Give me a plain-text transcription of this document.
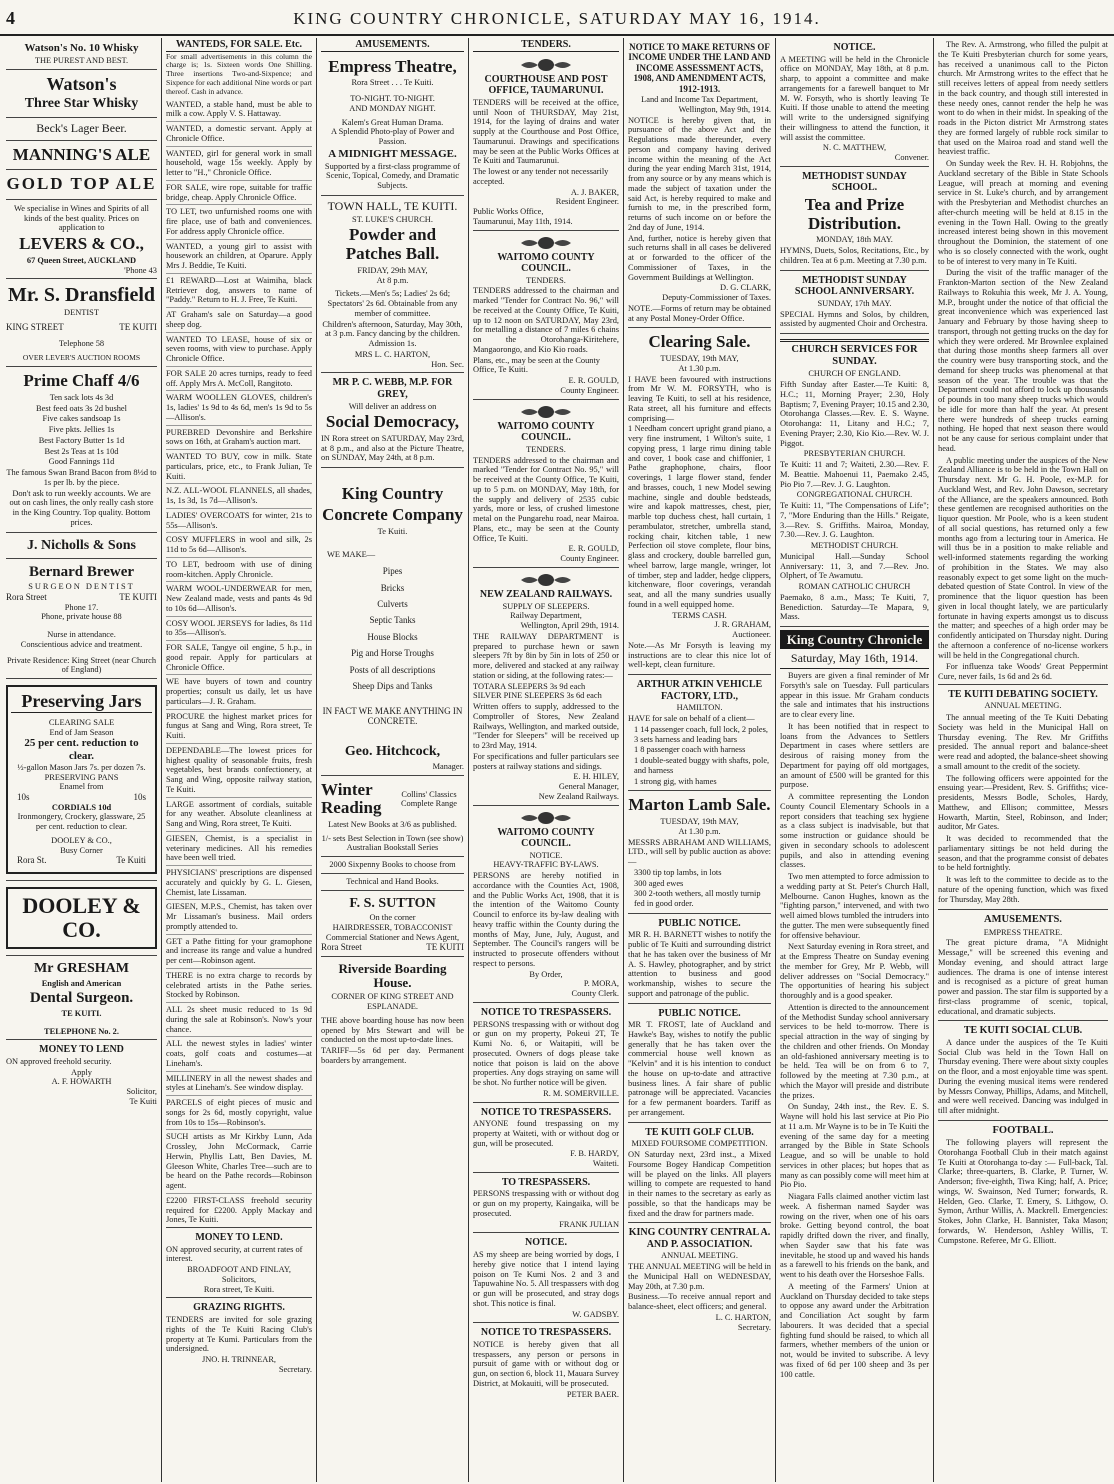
4	KING COUNTRY CHRONICLE, SATURDAY MAY 16, 1914.
Watson's No. 10 Whisky
THE PUREST AND BEST.
Watson's
Three Star Whisky
Beck's Lager Beer.
MANNING'S ALE
GOLD TOP ALE

We specialise in Wines and Spirits of all kinds of the best quality. Prices on application to

LEVERS & CO.,
67 Queen Street, AUCKLAND
'Phone 43
Mr. S. Dransfield
DENTIST
KING STREET	TE KUITI
Telephone 58
OVER LEVER'S AUCTION ROOMS
Prime Chaff 4/6

Ten sack lots 4s 3d

Best feed oats 3s 2d bushel

Five cakes sandsoap 1s

Five pkts. Jellies 1s

Best Factory Butter 1s 1d

Best 2s Teas at 1s 10d

Good Fannings 11d

The famous Swan Brand Bacon from 8½d to 1s per lb. by the piece.

Don't ask to run weekly accounts. We are out on cash lines, the only really cash store in the King Country. Top quality. Bottom prices.

J. Nicholls & Sons
Bernard Brewer
SURGEON DENTIST
Rora Street	TE KUITI
Phone 17.
Phone, private house 88
Nurse in attendance.
Conscientious advice and treatment.
Private Residence: King Street (near Church of England)
Preserving Jars
CLEARING SALE
End of Jam Season
25 per cent. reduction to clear.
½-gallon Mason Jars 7s. per dozen 7s.
PRESERVING PANS
Enamel from
10s	10s
CORDIALS 10d
Ironmongery, Crockery, glassware, 25 per cent. reduction to clear.
DOOLEY & CO.,
Busy Corner
Rora St.	Te Kuiti
DOOLEY & CO.
Mr GRESHAM
English and American
Dental Surgeon.
TE KUITI.
TELEPHONE No. 2.
MONEY TO LEND

ON approved freehold security.

Apply
A. F. HOWARTH
Solicitor,
Te Kuiti
WANTEDS, FOR SALE. Etc.

For small advertisements in this column the charge is; 1s. Sixteen words One Shilling. Three insertions Two-and-Sixpence; and Sixpence for each additional Nine words or part thereof. Cash in advance.

WANTED, a stable hand, must be able to milk a cow. Apply V. S. Hattaway.

WANTED, a domestic servant. Apply at Chronicle Office.

WANTED, girl for general work in small household, wage 15s weekly. Apply by letter to "H.," Chronicle Office.

FOR SALE, wire rope, suitable for traffic bridge, cheap. Apply Chronicle Office.

TO LET, two unfurnished rooms one with fire place, use of bath and conveniences. For address apply Chronicle office.

WANTED, a young girl to assist with housework an children, at Oparure. Apply Mrs J. Beddie, Te Kuiti.

£1 REWARD—Lost at Waimiha, black Retriever dog, answers to name of "Paddy." Return to H. J. Free, Te Kuiti.

AT Graham's sale on Saturday—a good sheep dog.

WANTED TO LEASE, house of six or seven rooms, with view to purchase. Apply Chronicle Office.

FOR SALE 20 acres turnips, ready to feed off. Apply Mrs A. McColl, Rangitoto.

WARM WOOLLEN GLOVES, children's 1s, ladies' 1s 9d to 4s 6d, men's 1s 9d to 5s—Allison's.

PUREBRED Devonshire and Berkshire sows on 16th, at Graham's auction mart.

WANTED TO BUY, cow in milk. State particulars, price, etc., to Frank Julian, Te Kuiti.

N.Z. ALL-WOOL FLANNELS, all shades, 1s, 1s 3d, 1s 7d—Allison's.

LADIES' OVERCOATS for winter, 21s to 55s—Allison's.

COSY MUFFLERS in wool and silk, 2s 11d to 5s 6d—Allison's.

TO LET, bedroom with use of dining room-kitchen. Apply Chronicle.

WARM WOOL-UNDERWEAR for men, New Zealand made, vests and pants 4s 9d to 10s 6d—Allison's.

COSY WOOL JERSEYS for ladies, 8s 11d to 35s—Allison's.

FOR SALE, Tangye oil engine, 5 h.p., in good repair. Apply for particulars at Chronicle Office.

WE have buyers of town and country properties; consult us daily, let us have particulars—J. R. Graham.

PROCURE the highest market prices for fungus at Sang and Wing, Rora street, Te Kuiti.

DEPENDABLE—The lowest prices for highest quality of seasonable fruits, fresh vegetables, best brands confectionery, at Sang and Wing, opposite railway station, Te Kuiti.

LARGE assortment of cordials, suitable for any weather. Absolute cleanliness at Sang and Wing, Rora street, Te Kuiti.

GIESEN, Chemist, is a specialist in veterinary medicines. All his remedies have been well tried.

PHYSICIANS' prescriptions are dispensed accurately and quickly by G. L. Giesen, Chemist, late Lissaman.

GIESEN, M.P.S., Chemist, has taken over Mr Lissaman's business. Mail orders promptly attended to.

GET a Pathe fitting for your gramophone and increase its range and value a hundred per cent—Robinson agent.

THERE is no extra charge to records by celebrated artists in the Pathe series. Stocked by Robinson.

ALL 2s sheet music reduced to 1s 9d during the sale at Robinson's. Now's your chance.

ALL the newest styles in ladies' winter coats, golf coats and costumes—at Lineham's.

MILLINERY in all the newest shades and styles at Lineham's. See window display.

PARCELS of eight pieces of music and songs for 2s 6d, mostly copyright, value from 10s to 15s—Robinson's.

SUCH artists as Mr Kirkby Lunn, Ada Crossley, John McCormack, Carrie Herwin, Phyllis Latt, Ben Davies, M. Gleeson White, Charles Tree—such are to be heard on the Pathe records—Robinson agent.

£2200 FIRST-CLASS freehold security required for £2200. Apply Mackay and Jones, Te Kuiti.

MONEY TO LEND.

ON approved security, at current rates of interest.

BROADFOOT AND FINLAY,
Solicitors,
Rora street, Te Kuiti.
GRAZING RIGHTS.

TENDERS are invited for sole grazing rights of the Te Kuiti Racing Club's property at Te Kumi. Particulars from the undersigned.

JNO. H. TRINNEAR,
Secretary.
AMUSEMENTS.
Empress Theatre,
Rora Street . . . Te Kuiti.
TO-NIGHT. TO-NIGHT.
AND MONDAY NIGHT.
Kalem's Great Human Drama.
A Splendid Photo-play of Power and Passion.
A MIDNIGHT MESSAGE.

Supported by a first-class programme of Scenic, Topical, Comedy, and Dramatic Subjects.

TOWN HALL, TE KUITI.
ST. LUKE'S CHURCH.
Powder and Patches Ball.
FRIDAY, 29th MAY,
At 8 p.m.

Tickets.—Men's 5s; Ladies' 2s 6d; Spectators' 2s 6d. Obtainable from any member of committee.

Children's afternoon, Saturday, May 30th, at 3 p.m. Fancy dancing by the children. Admission 1s.

MRS L. C. HARTON,
Hon. Sec.
MR P. C. WEBB, M.P. FOR GREY,
Will deliver an address on
Social Democracy,

IN Rora street on SATURDAY, May 23rd, at 8 p.m., and also at the Picture Theatre, on SUNDAY, May 24th, at 8 p.m.

King Country
Concrete Company
Te Kuiti.
WE MAKE—

Pipes

Bricks

Culverts

Septic Tanks

House Blocks

Pig and Horse Troughs

Posts of all descriptions

Sheep Dips and Tanks

IN FACT WE MAKE ANYTHING IN CONCRETE.
Geo. Hitchcock,
Manager.
Winter Reading
Collins' Classics Complete Range
Latest New Books at 3/6 as published.
1/- sets Best Selection in Town (see show) Australian Bookstall Series
2000 Sixpenny Books to choose from
Technical and Hand Books.
F. S. SUTTON
On the corner
HAIRDRESSER, TOBACCONIST
Commercial Stationer and News Agent,
Rora Street	TE KUITI
Riverside Boarding House.
CORNER OF KING STREET AND ESPLANADE.

THE above boarding house has now been opened by Mrs Stewart and will be conducted on the most up-to-date lines.

TARIFF—5s 6d per day. Permanent boarders by arrangement.

TENDERS.
COURTHOUSE AND POST OFFICE, TAUMARUNUI.

TENDERS will be received at the office, until Noon of THURSDAY, May 21st, 1914, for the laying of drains and water supply at the Courthouse and Post Office, Taumarunui. Drawings and specifications may be seen at the Public Works Offices at Te Kuiti and Taumarunui.

The lowest or any tender not necessarily accepted.

A. J. BAKER,
Resident Engineer.
Public Works Office,
Taumarunui, May 11th, 1914.
WAITOMO COUNTY COUNCIL.
TENDERS.

TENDERS addressed to the chairman and marked "Tender for Contract No. 96," will be received at the County Office, Te Kuiti, up to 12 noon on SATURDAY, May 23rd, for metalling a distance of 7 miles 6 chains on the Otorohanga-Kiritehere, Mangaorongo, and Kio Kio roads.

Plans, etc., may be seen at the County Office, Te Kuiti.

E. R. GOULD,
County Engineer.
WAITOMO COUNTY COUNCIL.
TENDERS.

TENDERS addressed to the chairman and marked "Tender for Contract No. 95," will be received at the County Office, Te Kuiti, up to 5 p.m. on MONDAY, May 18th, for the supply and delivery of 2535 cubic yards, more or less, of crushed limestone metal on the Pungarehu road, near Mairoa. Plans, etc., may be seen at the County Office, Te Kuiti.

E. R. GOULD,
County Engineer.
NEW ZEALAND RAILWAYS.
SUPPLY OF SLEEPERS.
Railway Department,
Wellington, April 29th, 1914.

THE RAILWAY DEPARTMENT is prepared to purchase hewn or sawn sleepers 7ft by 8in by 5in in lots of 250 or more, delivered and stacked at any railway station or siding, at the following rates:—

TOTARA SLEEPERS 3s 9d each
SILVER PINE SLEEPERS 3s 6d each

Written offers to supply, addressed to the Comptroller of Stores, New Zealand Railways, Wellington, and marked outside, "Tender for Sleepers" will be received up to 23rd May, 1914.

For specifications and fuller particulars see posters at railway stations and sidings.

E. H. HILEY,
General Manager,
New Zealand Railways.
WAITOMO COUNTY COUNCIL.
NOTICE.
HEAVY-TRAFFIC BY-LAWS.

PERSONS are hereby notified in accordance with the Counties Act, 1908, and the Public Works Act, 1908, that it is the intention of the Waitomo County Council to enforce its by-law dealing with heavy traffic within the County during the months of May, June, July, August, and September. The Council's rangers will be instructed to prosecute offenders without respect to persons.

By Order,
P. MORA,
County Clerk.
NOTICE TO TRESPASSERS.

PERSONS trespassing with or without dog or gun on my property, Pokeui 2T, Te Kumi No. 6, or Waitapiti, will be prosecuted. Owners of dogs please take notice that poison is laid on the above properties. Any dogs straying on same will be shot. No further notice will be given.

R. M. SOMERVILLE.
NOTICE TO TRESPASSERS.

ANYONE found trespassing on my property at Waiteti, with or without dog or gun, will be prosecuted.

F. B. HARDY,
Waiteti.
TO TRESPASSERS.

PERSONS trespassing with or without dog or gun on my property, Kaingaika, will be prosecuted.

FRANK JULIAN
NOTICE.

AS my sheep are being worried by dogs, I hereby give notice that I intend laying poison on Te Kumi Nos. 2 and 3 and Tapuwahine No. 5. All trespassers with dog or gun will be prosecuted, and stray dogs shot. This notice is final.

W. GADSBY.
NOTICE TO TRESPASSERS.

NOTICE is hereby given that all trespassers, any person or persons in pursuit of game with or without dog or gun, on section 6, block 11, Mauara Survey District, at Mokauiti, will be prosecuted.

PETER BAER.
NOTICE TO MAKE RETURNS OF INCOME UNDER THE LAND AND INCOME ASSESSMENT ACTS, 1908, AND AMENDMENT ACTS, 1912-1913.
Land and Income Tax Department,
Wellington, May 9th, 1914.

NOTICE is hereby given that, in pursuance of the above Act and the Regulations made thereunder, every person and company having derived income within the meaning of the Act during the year ending March 31st, 1914, from any source or by any means which is made the subject of taxation under the said Act, is hereby required to make and furnish to me, in the prescribed form, returns of such income on or before the 2nd day of June, 1914.

And, further, notice is hereby given that such returns shall in all cases be delivered at or forwarded to the officer of the Commissioner of Taxes, in the Government Buildings at Wellington.

D. G. CLARK,
Deputy-Commissioner of Taxes.

NOTE.—Forms of return may be obtained at any Postal Money-Order Office.

Clearing Sale.
TUESDAY, 19th MAY,
At 1.30 p.m.

I HAVE been favoured with instructions from Mr W. M. FORSYTH, who is leaving Te Kuiti, to sell at his residence, Rata street, all his furniture and effects comprising—

1 Needham concert upright grand piano, a very fine instrument, 1 Wilton's suite, 1 copying press, 1 large rimu dining table and cover, 1 book case and chiffonier, 1 Pathe graphophone, chairs, floor coverings, 1 large flower stand, fender and brasses, couch, 1 new Model sewing machine, single and double bedsteads, wire and kapok mattresses, chest, pier, marble top duchess chest, hall curtain, 1 perambulator, stretcher, umbrella stand, rocking chair, kitchen table, 1 new Perfection oil stove complete, flour bins, glass and crockery, double barrelled gun, wheel barrow, large mangle, wringer, lot of timber, step and ladder, hedge clippers, kitchenware, floor coverings, verandah seat, and all the many sundries usually found in a well equipped home.

TERMS CASH.
J. R. GRAHAM,
Auctioneer.

Note.—As Mr Forsyth is leaving my instructions are to clear this nice lot of well-kept, clean furniture.

ARTHUR ATKIN VEHICLE FACTORY, LTD.,
HAMILTON.

HAVE for sale on behalf of a client—

1 14 passenger coach, full lock, 2 poles, 3 sets harness and leading bars

1 8 passenger coach with harness

1 double-seated buggy with shafts, pole, and harness

1 strong gig, with hames

Marton Lamb Sale.
TUESDAY, 19th MAY,
At 1.30 p.m.

MESSRS ABRAHAM AND WILLIAMS, LTD., will sell by public auction as above:—

3300 tip top lambs, in lots

300 aged ewes

300 2-tooth wethers, all mostly turnip fed in good order.

PUBLIC NOTICE.

MR R. H. BARNETT wishes to notify the public of Te Kuiti and surrounding district that he has taken over the business of Mr A. S. Hawley, photographer, and by strict attention to business and good workmanship, wishes to secure the support and patronage of the public.

PUBLIC NOTICE.

MR T. FROST, late of Auckland and Hawke's Bay, wishes to notify the public generally that he has taken over the commercial house well known as "Kelvin" and it is his intention to conduct the house on up-to-date and attractive business lines. A fair share of public patronage will be appreciated. Vacancies for a few permanent boarders. Tariff as per arrangement.

TE KUITI GOLF CLUB.
MIXED FOURSOME COMPETITION.

ON Saturday next, 23rd inst., a Mixed Foursome Bogey Handicap Competition will be played on the links. All players willing to compete are requested to hand in their names to the secretary as early as possible, so that the handicaps may be fixed and the draw for partners made.

KING COUNTRY CENTRAL A. AND P. ASSOCIATION.
ANNUAL MEETING.

THE ANNUAL MEETING will be held in the Municipal Hall on WEDNESDAY, May 20th, at 7.30 p.m.

Business.—To receive annual report and balance-sheet, elect officers; and general.

L. C. HARTON,
Secretary.
NOTICE.

A MEETING will be held in the Chronicle office on MONDAY, May 18th, at 8 p.m. sharp, to appoint a committee and make arrangements for a farewell banquet to Mr M. W. Forsyth, who is shortly leaving Te Kuiti. If those unable to attend the meeting will write to the undersigned signifying their willingness to attend the function, it will assist the committee.

N. C. MATTHEW,
Convener.
METHODIST SUNDAY SCHOOL.
Tea and Prize Distribution.
MONDAY, 18th MAY.

HYMNS, Duets, Solos, Recitations, Etc., by children. Tea at 6 p.m. Meeting at 7.30 p.m.

METHODIST SUNDAY SCHOOL ANNIVERSARY.
SUNDAY, 17th MAY.

SPECIAL Hymns and Solos, by children, assisted by augmented Choir and Orchestra.

CHURCH SERVICES FOR SUNDAY.
CHURCH OF ENGLAND.

Fifth Sunday after Easter.—Te Kuiti: 8, H.C.; 11, Morning Prayer; 2.30, Holy Baptism; 7, Evening Prayer; 10.15 and 2.30, Otorohanga Classes.—Rev. E. S. Wayne. Otorohanga: 11, Litany and H.C.; 7, Evening Prayer; 2.30, Kio Kio.—Rev. W. J. Piggot.

PRESBYTERIAN CHURCH.

Te Kuiti: 11 and 7; Waiteti, 2.30.—Rev. F. M. Beattie. Mahoenui 11, Paemako 2.45, Pio Pio 7.—Rev. J. G. Laughton.

CONGREGATIONAL CHURCH.

Te Kuiti: 11, "The Compensations of Life"; 7, "More Enduring than the Hills." Reigate, 3.—Rev. S. Griffiths. Mairoa, Monday, 7.30.—Rev. J. G. Laughton.

METHODIST CHURCH.

Municipal Hall.—Sunday School Anniversary: 11, 3, and 7.—Rev. Jno. Olphert, of Te Awamutu.

ROMAN CATHOLIC CHURCH

Paemako, 8 a.m., Mass; Te Kuiti, 7, Benediction. Saturday—Te Mapara, 9, Mass.

King Country Chronicle
Saturday, May 16th, 1914.

Buyers are given a final reminder of Mr Forsyth's sale on Tuesday. Full particulars appear in this issue. Mr Graham conducts the sale and intimates that his instructions are to clear every line.

It has been notified that in respect to loans from the Advances to Settlers Department in cases where settlers are desirous of raising money from the Department for paying off old mortgages, an amount of £500 will be granted for this purpose.

A committee representing the London County Council Elementary Schools in a report considers that teaching sex hygiene as a class subject is inadvisable, but that some instruction or guidance should be given in secondary schools to adolescent pupils, and also in attending evening classes.

Two men attempted to force admission to a wedding party at St. Peter's Church Hall, Melbourne. Canon Hughes, known as the "fighting parson," intervened, and with two well aimed blows tumbled the intruders into the gutter. The men were subsequently fined for offensive behaviour.

Next Saturday evening in Rora street, and at the Empress Theatre on Sunday evening the member for Grey, Mr P. Webb, will deliver addresses on "Social Democracy." The opportunities of hearing his subject thoroughly and is a good speaker.

Attention is directed to the announcement of the Methodist Sunday school anniversary services to be held to-morrow. There is special attraction in the way of singing by the children and other friends. On Monday an old-fashioned anniversary meeting is to be held. Tea will be on from 6 to 7, followed by the meeting at 7.30 p.m., at which the Mayor will preside and distribute the prizes.

On Sunday, 24th inst., the Rev. E. S. Wayne will hold his last service at Pio Pio at 11 a.m. Mr Wayne is to be in Te Kuiti the evening of the same day for a meeting arranged by the Bible in State Schools League, and so will be unable to hold services in other places; but hopes that as many as can possibly come will meet him at Pio Pio.

Niagara Falls claimed another victim last week. A fisherman named Sayder was rowing on the river, when one of his oars broke. Getting beyond control, the boat rapidly drifted down the river, and finally, when Sayder saw that his fate was inevitable, he stood up and waved his hands as a farewell to his friends on the bank, and went to his death over the Horseshoe Falls.

A meeting of the Farmers' Union at Auckland on Thursday decided to take steps to oppose any award under the Arbitration and Conciliation Act sought by farm labourers. It was decided that a special fighting fund should be raised, to which all farmers, whether members of the union or not, would be invited to subscribe. A levy was fixed of 6d per 100 sheep and 3s per 100 cattle.

The Rev. A. Armstrong, who filled the pulpit at the Te Kuiti Presbyterian church for some years, has received a unanimous call to the Picton church. Mr Armstrong writes to the effect that he still receives letters of appeal from needy settlers in the back country, and though still interested in these needy ones, cannot render the help he was wont to do when in their midst. In speaking of the roads in the Picton district Mr Armstrong states they are formed largely of rubble rock similar to that used on the Mairoa road and stand well the heaviest traffic.

On Sunday week the Rev. H. H. Robjohns, the Auckland secretary of the Bible in State Schools League, will preach at morning and evening service in St. Luke's church, and by arrangement with the Presbyterian and Methodist churches an after-church meeting will be held at 8.15 in the evening in the Town Hall. Owing to the greatly increased interest being shown in this movement throughout the Dominion, the statement of one who is so closely connected with the work, ought to be of interest to very many in Te Kuiti.

During the visit of the traffic manager of the Frankton-Marton section of the New Zealand Railways to Rokuhia this week, Mr J. A. Young, M.P., brought under the notice of that official the great inconvenience which was experienced last January and February by those having sheep to transport, through not getting trucks on the day for which they were ordered. Mr Brownlee explained that during those months sheep farmers all over the country were busy transporting stock, and the demand for sheep trucks was phenomenal at that season of the year. The trouble was that the Department could not afford to lock up thousands of pounds in too many sheep trucks which would be idle for more than half the year. At present there were hundreds of sheep trucks earning nothing. He hoped that next season there would not be any cause for serious complaint under that head.

A public meeting under the auspices of the New Zealand Alliance is to be held in the Town Hall on Thursday next. Mr G. H. Poole, ex-M.P. for Auckland West, and Rev. John Dawson, secretary of the Alliance, are the speakers announced. Both these gentlemen are recognised authorities on the liquor question. Mr Poole, who is a keen student of all social questions, has returned only a few months ago from a lecturing tour in America. He will thus be in a position to make reliable and well-informed statements regarding the working of prohibition in the States. We may also reasonably expect to get some light on the much-debated question of State Control. In view of the prominence that the liquor question has been given in local thought lately, we are particularly fortunate in having experts amongst us to discuss the matter; and speeches of a high order may be confidently anticipated on Thursday night. During the afternoon a conference of no-license workers will be held in the Congregational church.

For influenza take Woods' Great Peppermint Cure, never fails, 1s 6d and 2s 6d.

TE KUITI DEBATING SOCIETY.
ANNUAL MEETING.

The annual meeting of the Te Kuiti Debating Society was held in the Municipal Hall on Thursday evening. The Rev. Mr Griffiths presided. The annual report and balance-sheet were read and adopted, the balance-sheet showing a small amount to the credit of the society.

The following officers were appointed for the ensuing year:—President, Rev. S. Griffiths; vice-presidents, Messrs Bodle, Scholes, Hardy, Matthew, and Ellison; committee, Messrs Howarth, Martin, Steel, Robinson, and Inder; auditor, Mr Gates.

It was decided to recommended that the parliamentary sittings be not held during the season, and that the programme consist of debates to be held fortnightly.

It was left to the committee to decide as to the nature of the opening function, which was fixed for Thursday, May 28th.

AMUSEMENTS.
EMPRESS THEATRE.

The great picture drama, "A Midnight Message," will be screened this evening and Monday evening, and should attract large audiences. The drama is one of intense interest and is recognised as a picture of great human power and passion. The star film is supported by a first-class programme of scenic, topical, educational, and dramatic subjects.

TE KUITI SOCIAL CLUB.

A dance under the auspices of the Te Kuiti Social Club was held in the Town Hall on Thursday evening. There were about sixty couples on the floor, and a most enjoyable time was spent. During the evening musical items were rendered by Messrs Conway, Phillips, Adams, and Mitchell, and were well received. Dancing was indulged in till after midnight.

FOOTBALL.

The following players will represent the Otorohanga Football Club in their match against Te Kuiti at Otorohanga to-day :— Full-back, Tal. Clarke; three-quarters, B. Clarke, P. Turner, W. Anderson; five-eighth, Tiwa King; half, A. Price; wings, W. Swainson, Ned Turner; forwards, R. Helden, Geo. Clarke, T. Emery, S. Lithgow, O. Symon, Arthur Willis, A. Mackrell. Emergencies: Stokes, John Clarke, H. Bannister, Taka Mason; forwards, W. Henderson, Ashley Willis, T. Cumpstone. Referee, Mr G. Elliott.
